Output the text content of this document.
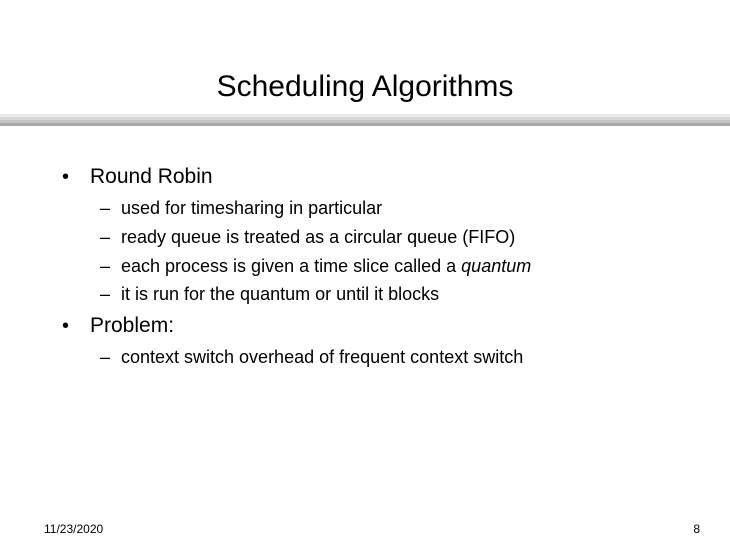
Scheduling Algorithms
• Round Robin
– used for timesharing in particular
– ready queue is treated as a circular queue (FIFO)
– each process is given a time slice called a quantum
– it is run for the quantum or until it blocks
• Problem:
– context switch overhead of frequent context switch
11/23/2020	8
